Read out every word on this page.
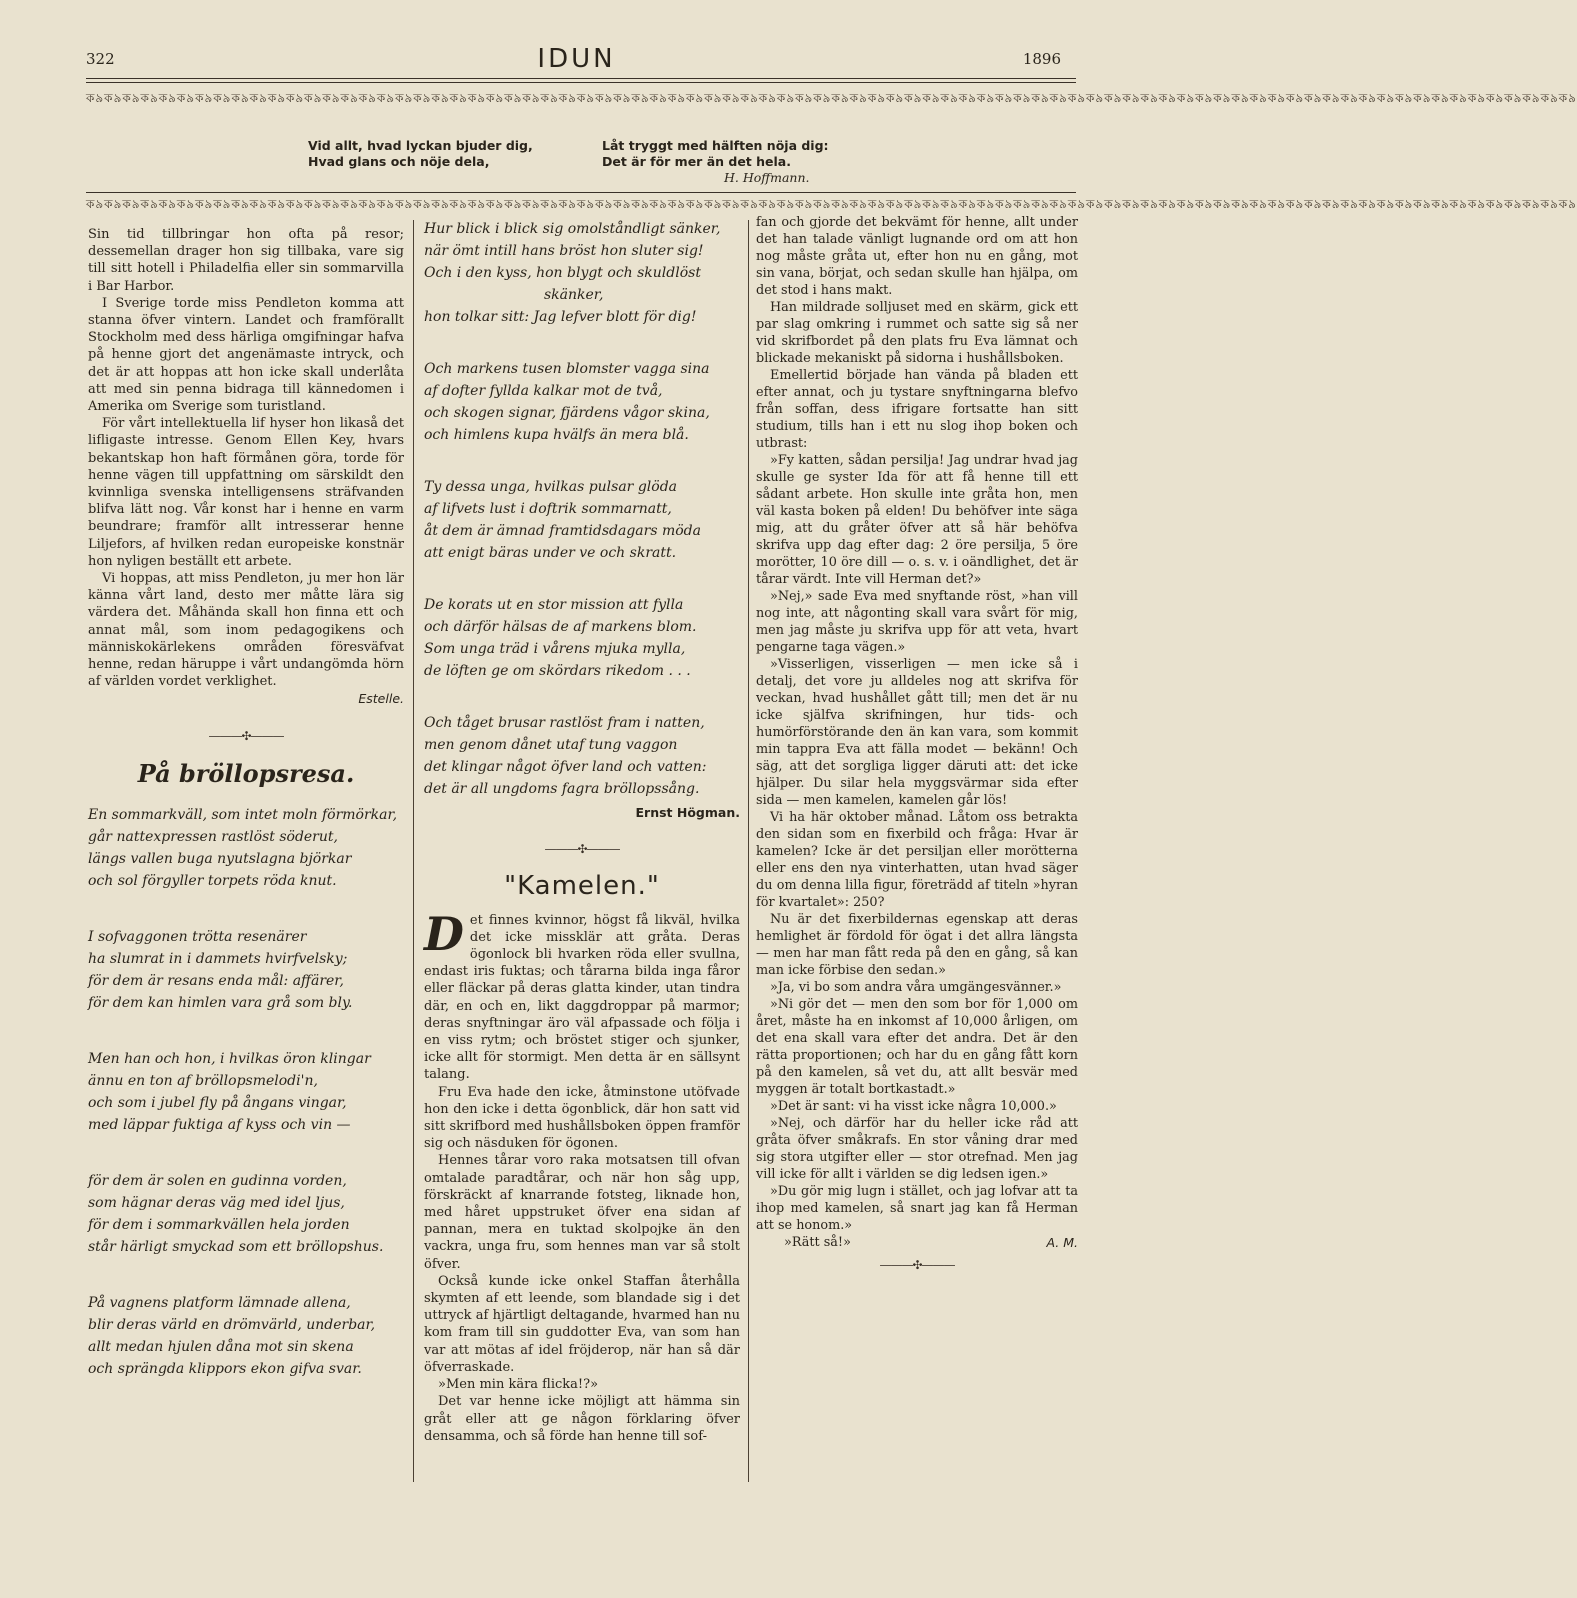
322	IDUN	1896
ক৯ক৯ক৯ক৯ক৯ক৯ক৯ক৯ক৯ক৯ক৯ক৯ক৯ক৯ক৯ক৯ক৯ক৯ক৯ক৯ক৯ক৯ক৯ক৯ক৯ক৯ক৯ক৯ক৯ক৯ক৯ক৯ক৯ক৯ক৯ক৯ক৯ক৯ক৯ক৯ক৯ক৯ক৯ক৯ক৯ক৯ক৯ক৯ক৯ক৯ক৯ক৯ক৯ক৯ক৯ক৯ক৯ক৯ক৯ক৯ক৯ক৯ক৯ক৯ক৯ক৯ক৯ক৯ক৯ক৯ক৯ক৯ক৯ক৯ক৯ক৯ক৯ক৯ক৯ক৯ক৯ক৯

Vid allt, hvad lyckan bjuder dig,

Hvad glans och nöje dela,

Låt tryggt med hälften nöja dig:

Det är för mer än det hela.

H. Hoffmann.
ক৯ক৯ক৯ক৯ক৯ক৯ক৯ক৯ক৯ক৯ক৯ক৯ক৯ক৯ক৯ক৯ক৯ক৯ক৯ক৯ক৯ক৯ক৯ক৯ক৯ক৯ক৯ক৯ক৯ক৯ক৯ক৯ক৯ক৯ক৯ক৯ক৯ক৯ক৯ক৯ক৯ক৯ক৯ক৯ক৯ক৯ক৯ক৯ক৯ক৯ক৯ক৯ক৯ক৯ক৯ক৯ক৯ক৯ক৯ক৯ক৯ক৯ক৯ক৯ক৯ক৯ক৯ক৯ক৯ক৯ক৯ক৯ক৯ক৯ক৯ক৯ক৯ক৯ক৯ক৯ক৯ক৯

Sin tid tillbringar hon ofta på resor; dessemellan drager hon sig tillbaka, vare sig till sitt hotell i Philadelfia eller sin sommarvilla i Bar Harbor.

I Sverige torde miss Pendleton komma att stanna öfver vintern. Landet och framförallt Stockholm med dess härliga omgifningar hafva på henne gjort det angenämaste intryck, och det är att hoppas att hon icke skall underlåta att med sin penna bidraga till kännedomen i Amerika om Sverige som turistland.

För vårt intellektuella lif hyser hon likaså det lifligaste intresse. Genom Ellen Key, hvars bekantskap hon haft förmånen göra, torde för henne vägen till uppfattning om särskildt den kvinnliga svenska intelligensens sträfvanden blifva lätt nog. Vår konst har i henne en varm beundrare; framför allt intresserar henne Liljefors, af hvilken redan europeiske konstnär hon nyligen beställt ett arbete.

Vi hoppas, att miss Pendleton, ju mer hon lär känna vårt land, desto mer måtte lära sig värdera det. Måhända skall hon finna ett och annat mål, som inom pedagogikens och människokärlekens områden föresväfvat henne, redan häruppe i vårt undangömda hörn af världen vordet verklighet.

Estelle.
———✣———
På bröllopsresa.
En sommarkväll, som intet moln förmörkar,
går nattexpressen rastlöst söderut,
längs vallen buga nyutslagna björkar
och sol förgyller torpets röda knut.
I sofvaggonen trötta resenärer
ha slumrat in i dammets hvirfvelsky;
för dem är resans enda mål: affärer,
för dem kan himlen vara grå som bly.
Men han och hon, i hvilkas öron klingar
ännu en ton af bröllopsmelodi'n,
och som i jubel fly på ångans vingar,
med läppar fuktiga af kyss och vin —
för dem är solen en gudinna vorden,
som hägnar deras väg med idel ljus,
för dem i sommarkvällen hela jorden
står härligt smyckad som ett bröllopshus.
På vagnens platform lämnade allena,
blir deras värld en drömvärld, underbar,
allt medan hjulen dåna mot sin skena
och sprängda klippors ekon gifva svar.
Hur blick i blick sig omolståndligt sänker,
när ömt intill hans bröst hon sluter sig!
Och i den kyss, hon blygt och skuldlöst
skänker,
hon tolkar sitt: Jag lefver blott för dig!
Och markens tusen blomster vagga sina
af dofter fyllda kalkar mot de två,
och skogen signar, fjärdens vågor skina,
och himlens kupa hvälfs än mera blå.
Ty dessa unga, hvilkas pulsar glöda
af lifvets lust i doftrik sommarnatt,
åt dem är ämnad framtidsdagars möda
att enigt bäras under ve och skratt.
De korats ut en stor mission att fylla
och därför hälsas de af markens blom.
Som unga träd i vårens mjuka mylla,
de löften ge om skördars rikedom . . .
Och tåget brusar rastlöst fram i natten,
men genom dånet utaf tung vaggon
det klingar något öfver land och vatten:
det är all ungdoms fagra bröllopssång.
Ernst Högman.
———✣———
"Kamelen."

Det finnes kvinnor, högst få likväl, hvilka det icke missklär att gråta. Deras ögonlock bli hvarken röda eller svullna, endast iris fuktas; och tårarna bilda inga fåror eller fläckar på deras glatta kinder, utan tindra där, en och en, likt daggdroppar på marmor; deras snyftningar äro väl afpassade och följa i en viss rytm; och bröstet stiger och sjunker, icke allt för stormigt. Men detta är en sällsynt talang.

Fru Eva hade den icke, åtminstone utöfvade hon den icke i detta ögonblick, där hon satt vid sitt skrifbord med hushållsboken öppen framför sig och näsduken för ögonen.

Hennes tårar voro raka motsatsen till ofvan omtalade paradtårar, och när hon såg upp, förskräckt af knarrande fotsteg, liknade hon, med håret uppstruket öfver ena sidan af pannan, mera en tuktad skolpojke än den vackra, unga fru, som hennes man var så stolt öfver.

Också kunde icke onkel Staffan återhålla skymten af ett leende, som blandade sig i det uttryck af hjärtligt deltagande, hvarmed han nu kom fram till sin guddotter Eva, van som han var att mötas af idel fröjderop, när han så där öfverraskade.

»Men min kära flicka!?»

Det var henne icke möjligt att hämma sin gråt eller att ge någon förklaring öfver densamma, och så förde han henne till sof-

fan och gjorde det bekvämt för henne, allt under det han talade vänligt lugnande ord om att hon nog måste gråta ut, efter hon nu en gång, mot sin vana, börjat, och sedan skulle han hjälpa, om det stod i hans makt.

Han mildrade solljuset med en skärm, gick ett par slag omkring i rummet och satte sig så ner vid skrifbordet på den plats fru Eva lämnat och blickade mekaniskt på sidorna i hushållsboken.

Emellertid började han vända på bladen ett efter annat, och ju tystare snyftningarna blefvo från soffan, dess ifrigare fortsatte han sitt studium, tills han i ett nu slog ihop boken och utbrast:

»Fy katten, sådan persilja! Jag undrar hvad jag skulle ge syster Ida för att få henne till ett sådant arbete. Hon skulle inte gråta hon, men väl kasta boken på elden! Du behöfver inte säga mig, att du gråter öfver att så här behöfva skrifva upp dag efter dag: 2 öre persilja, 5 öre morötter, 10 öre dill — o. s. v. i oändlighet, det är tårar värdt. Inte vill Herman det?»

»Nej,» sade Eva med snyftande röst, »han vill nog inte, att någonting skall vara svårt för mig, men jag måste ju skrifva upp för att veta, hvart pengarne taga vägen.»

»Visserligen, visserligen — men icke så i detalj, det vore ju alldeles nog att skrifva för veckan, hvad hushållet gått till; men det är nu icke själfva skrifningen, hur tids- och humörförstörande den än kan vara, som kommit min tappra Eva att fälla modet — bekänn! Och säg, att det sorgliga ligger däruti att: det icke hjälper. Du silar hela myggsvärmar sida efter sida — men kamelen, kamelen går lös!

Vi ha här oktober månad. Låtom oss betrakta den sidan som en fixerbild och fråga: Hvar är kamelen? Icke är det persiljan eller morötterna eller ens den nya vinterhatten, utan hvad säger du om denna lilla figur, företrädd af titeln »hyran för kvartalet»: 250?

Nu är det fixerbildernas egenskap att deras hemlighet är fördold för ögat i det allra längsta — men har man fått reda på den en gång, så kan man icke förbise den sedan.»

»Ja, vi bo som andra våra umgängesvänner.»

»Ni gör det — men den som bor för 1,000 om året, måste ha en inkomst af 10,000 årligen, om det ena skall vara efter det andra. Det är den rätta proportionen; och har du en gång fått korn på den kamelen, så vet du, att allt besvär med myggen är totalt bortkastadt.»

»Det är sant: vi ha visst icke några 10,000.»

»Nej, och därför har du heller icke råd att gråta öfver småkrafs. En stor våning drar med sig stora utgifter eller — stor otrefnad. Men jag vill icke för allt i världen se dig ledsen igen.»

»Du gör mig lugn i stället, och jag lofvar att ta ihop med kamelen, så snart jag kan få Herman att se honom.»

»Rätt så!»	A. M.
———✣———
